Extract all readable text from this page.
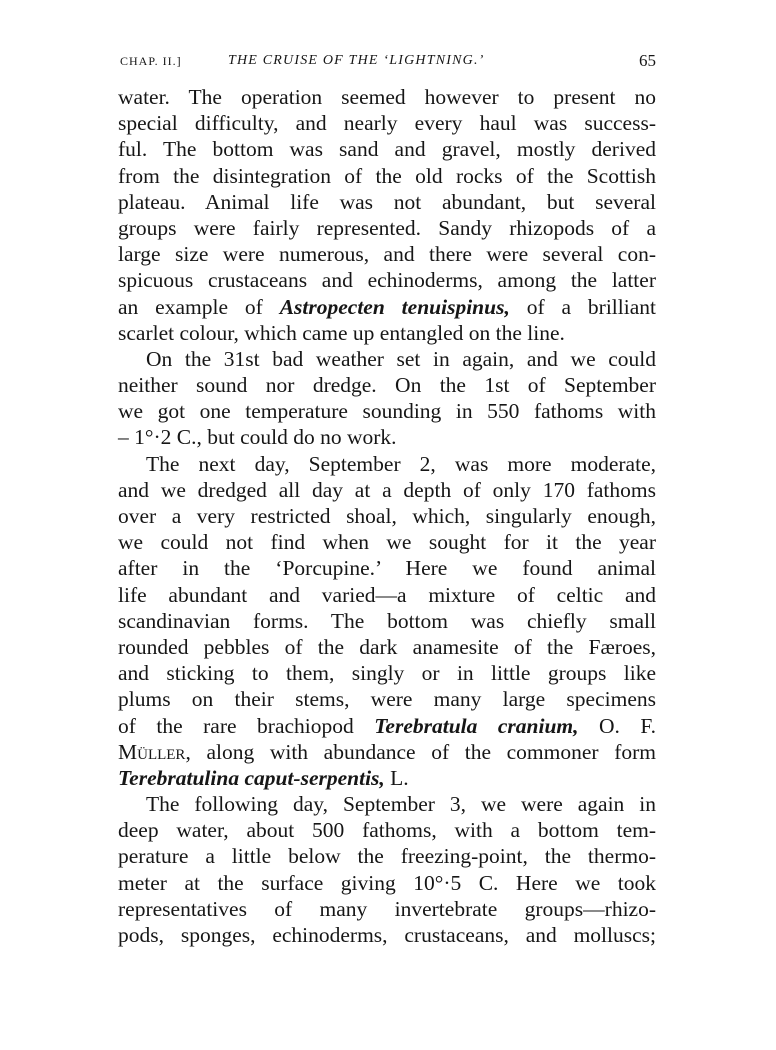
CHAP. II.]	THE CRUISE OF THE ‘LIGHTNING.’	65
water. The operation seemed however to present no
special difficulty, and nearly every haul was success-
ful. The bottom was sand and gravel, mostly derived
from the disintegration of the old rocks of the Scottish
plateau. Animal life was not abundant, but several
groups were fairly represented. Sandy rhizopods of a
large size were numerous, and there were several con-
spicuous crustaceans and echinoderms, among the latter
an example of Astropecten tenuispinus, of a brilliant
scarlet colour, which came up entangled on the line.
On the 31st bad weather set in again, and we could
neither sound nor dredge. On the 1st of September
we got one temperature sounding in 550 fathoms with
– 1°·2 C., but could do no work.
The next day, September 2, was more moderate,
and we dredged all day at a depth of only 170 fathoms
over a very restricted shoal, which, singularly enough,
we could not find when we sought for it the year
after in the ‘Porcupine.’ Here we found animal
life abundant and varied—a mixture of celtic and
scandinavian forms. The bottom was chiefly small
rounded pebbles of the dark anamesite of the Færoes,
and sticking to them, singly or in little groups like
plums on their stems, were many large specimens
of the rare brachiopod Terebratula cranium, O. F.
Müller, along with abundance of the commoner form
Terebratulina caput-serpentis, L.
The following day, September 3, we were again in
deep water, about 500 fathoms, with a bottom tem-
perature a little below the freezing-point, the thermo-
meter at the surface giving 10°·5 C. Here we took
representatives of many invertebrate groups—rhizo-
pods, sponges, echinoderms, crustaceans, and molluscs;
